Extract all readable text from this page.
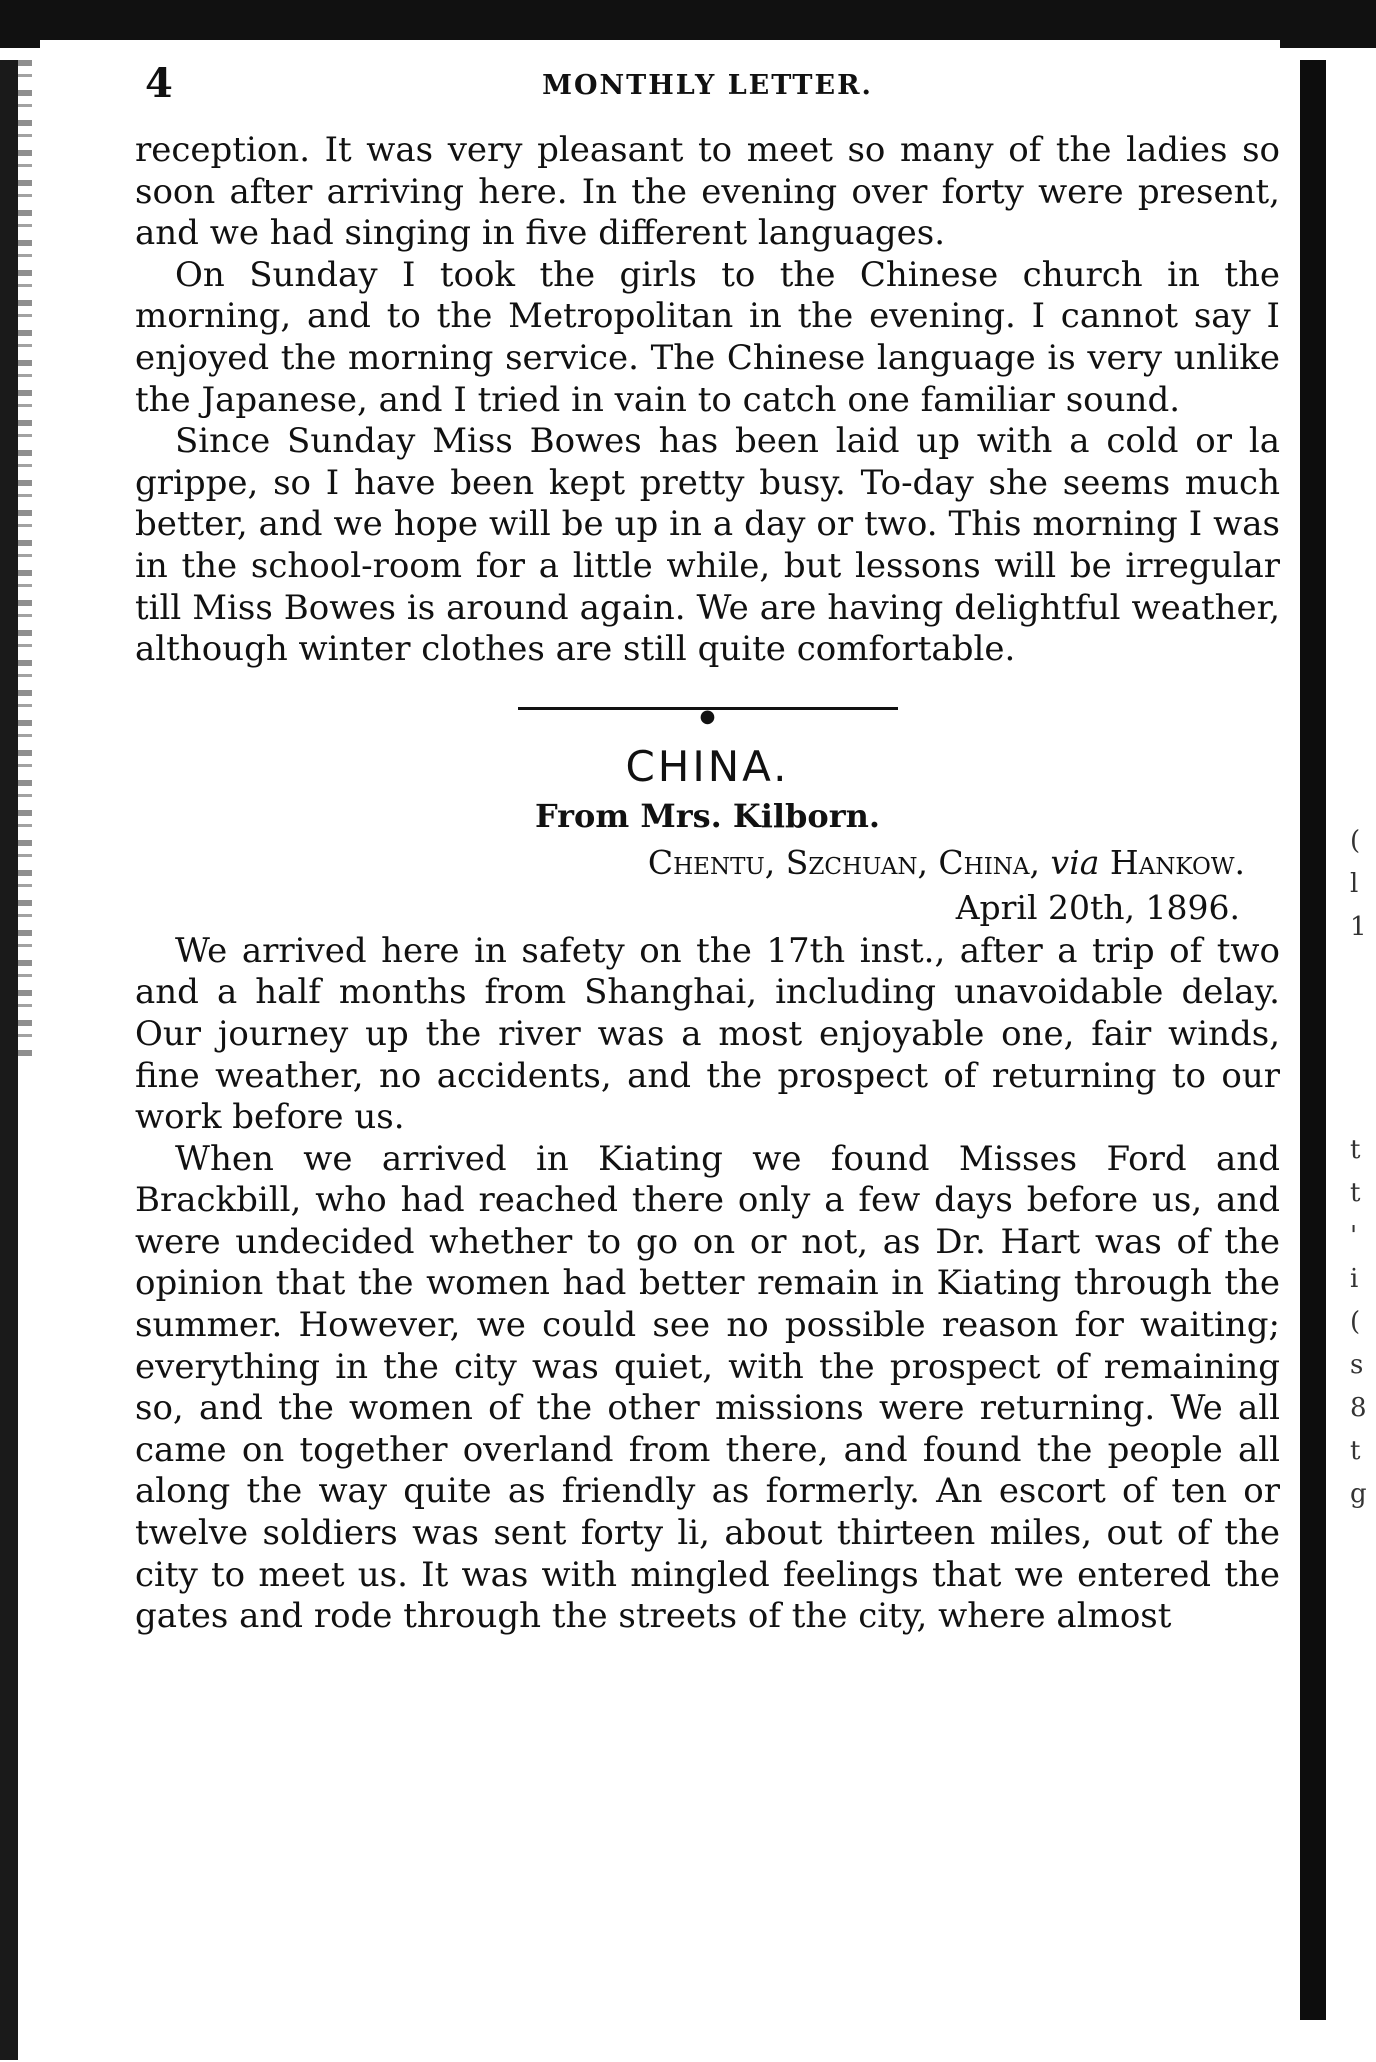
(
l
1
t
t
'
i
(
s
8
t
g
4	MONTHLY LETTER.

reception. It was very pleasant to meet so many of the ladies so soon after arriving here. In the evening over forty were present, and we had singing in five different languages.

On Sunday I took the girls to the Chinese church in the morning, and to the Metropolitan in the evening. I cannot say I enjoyed the morning service. The Chinese language is very unlike the Japanese, and I tried in vain to catch one familiar sound.

Since Sunday Miss Bowes has been laid up with a cold or la grippe, so I have been kept pretty busy. To-day she seems much better, and we hope will be up in a day or two. This morning I was in the school-room for a little while, but lessons will be irregular till Miss Bowes is around again. We are having delightful weather, although winter clothes are still quite comfortable.

●
CHINA.
From Mrs. Kilborn.
Chentu, Szchuan, China, via Hankow.
April 20th, 1896.

We arrived here in safety on the 17th inst., after a trip of two and a half months from Shanghai, including unavoidable delay. Our journey up the river was a most enjoyable one, fair winds, fine weather, no accidents, and the prospect of returning to our work before us.

When we arrived in Kiating we found Misses Ford and Brackbill, who had reached there only a few days before us, and were undecided whether to go on or not, as Dr. Hart was of the opinion that the women had better remain in Kiating through the summer. However, we could see no possible reason for waiting; everything in the city was quiet, with the prospect of remaining so, and the women of the other missions were returning. We all came on together overland from there, and found the people all along the way quite as friendly as formerly. An escort of ten or twelve soldiers was sent forty li, about thirteen miles, out of the city to meet us. It was with mingled feelings that we entered the gates and rode through the streets of the city, where almost
